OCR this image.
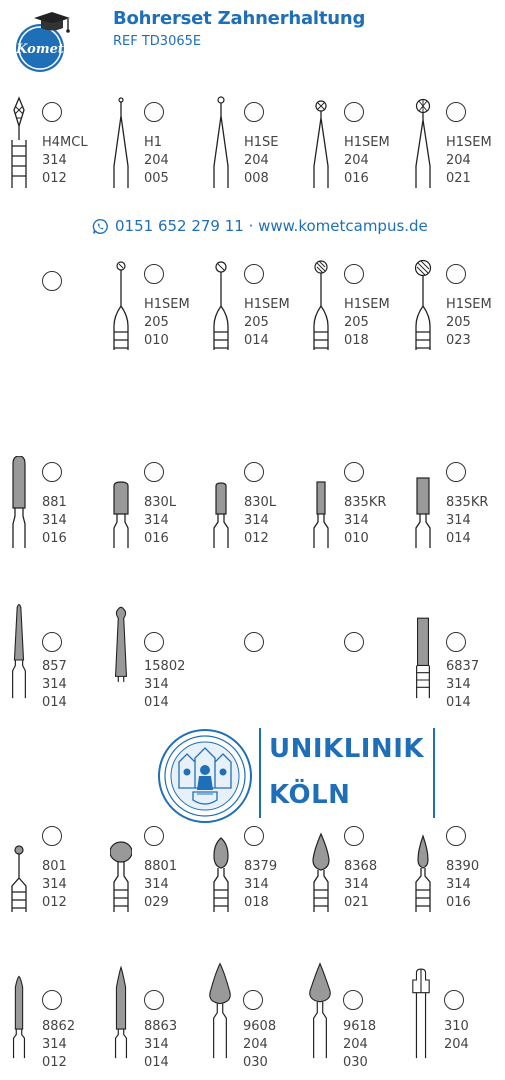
Komet
Bohrerset Zahnerhaltung
REF TD3065E
0151 652 279 11 · www.kometcampus.de
H4MCL
314
012
H1
204
005
H1SE
204
008
H1SEM
204
016
H1SEM
204
021
H1SEM
205
010
H1SEM
205
014
H1SEM
205
018
H1SEM
205
023
881
314
016
830L
314
016
830L
314
012
835KR
314
010
835KR
314
014
857
314
014
15802
314
014
6837
314
014
UNIKLINIK
KÖLN
801
314
012
8801
314
029
8379
314
018
8368
314
021
8390
314
016
8862
314
012
8863
314
014
9608
204
030
9618
204
030
310
204
